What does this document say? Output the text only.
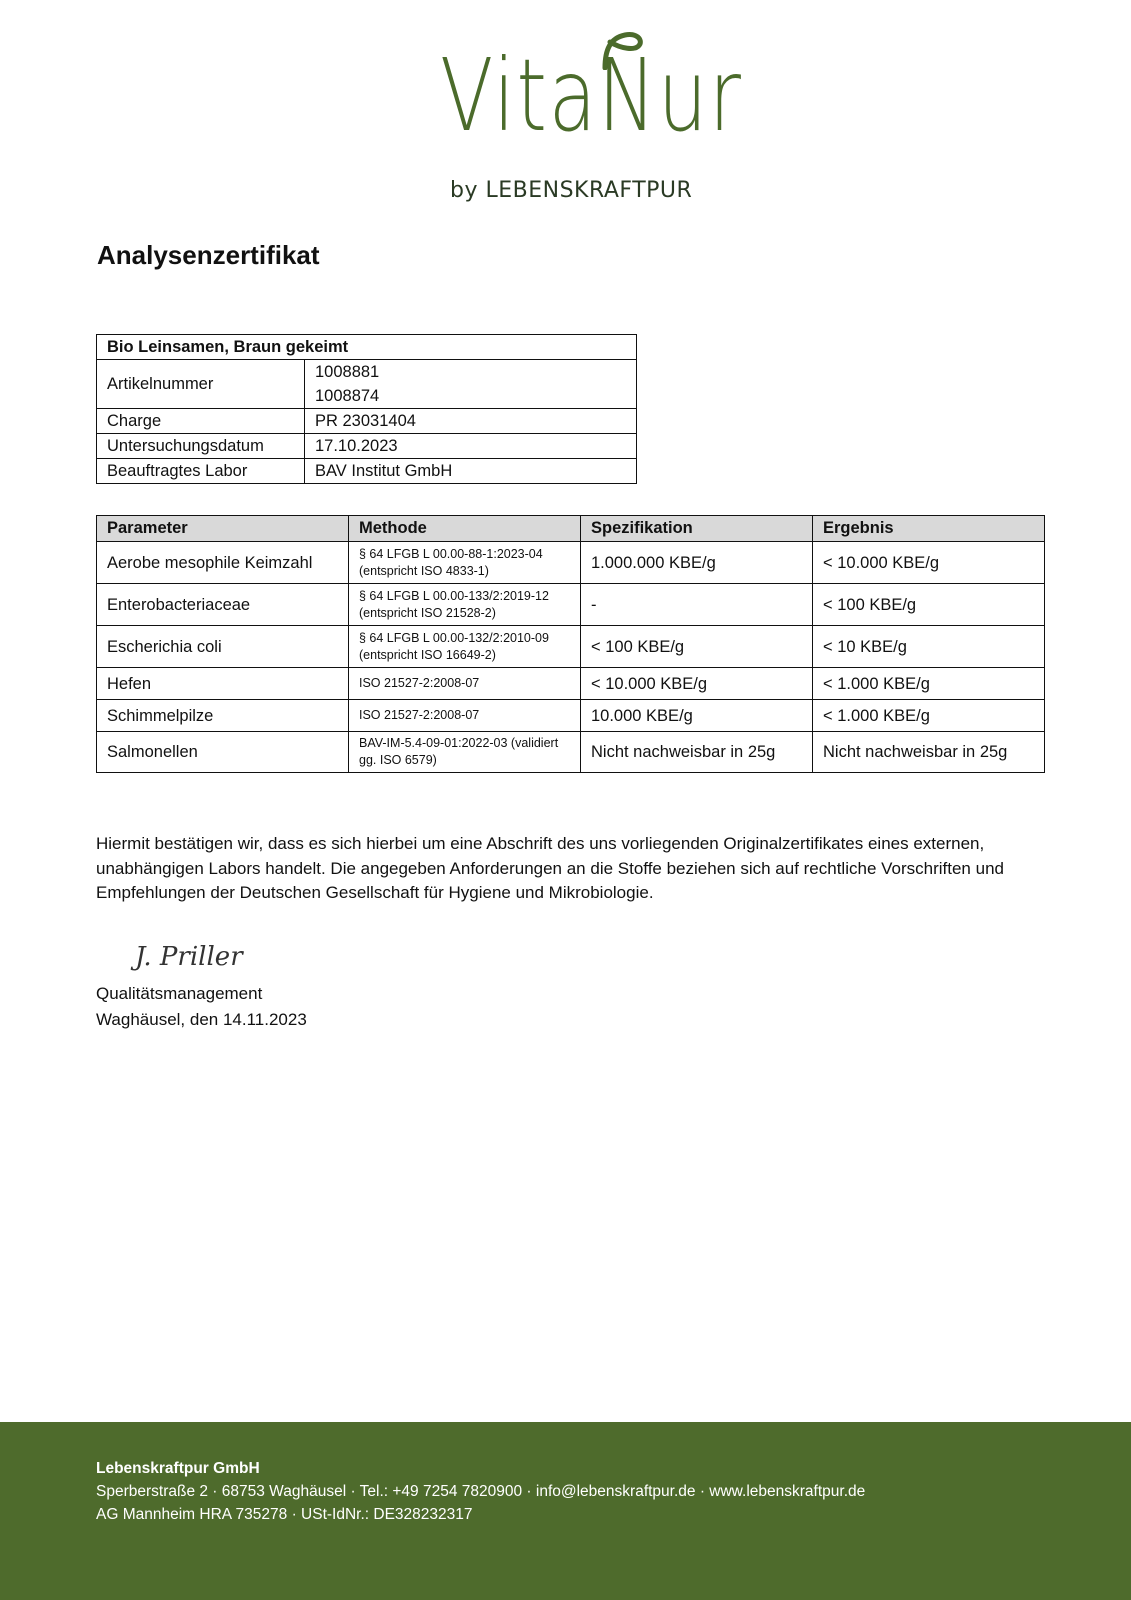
VitaNur
by LEBENSKRAFTPUR
Analysenzertifikat
Bio Leinsamen, Braun gekeimt	
Artikelnummer	1008881
1008874

Charge	PR 23031404
Untersuchungsdatum	17.10.2023
Beauftragtes Labor	BAV Institut GmbH
Parameter	Methode	Spezifikation	Ergebnis
Aerobe mesophile Keimzahl	§ 64 LFGB L 00.00-88-1:2023-04 (entspricht ISO 4833-1)	1.000.000 KBE/g	< 10.000 KBE/g
Enterobacteriaceae	§ 64 LFGB L 00.00-133/2:2019-12 (entspricht ISO 21528-2)	-	< 100 KBE/g
Escherichia coli	§ 64 LFGB L 00.00-132/2:2010-09 (entspricht ISO 16649-2)	< 100 KBE/g	< 10 KBE/g
Hefen	ISO 21527-2:2008-07	< 10.000 KBE/g	< 1.000 KBE/g
Schimmelpilze	ISO 21527-2:2008-07	10.000 KBE/g	< 1.000 KBE/g
Salmonellen	BAV-IM-5.4-09-01:2022-03 (validiert gg. ISO 6579)	Nicht nachweisbar in 25g	Nicht nachweisbar in 25g
Hiermit bestätigen wir, dass es sich hierbei um eine Abschrift des uns vorliegenden Originalzertifikates eines externen, unabhängigen Labors handelt. Die angegeben Anforderungen an die Stoffe beziehen sich auf rechtliche Vorschriften und Empfehlungen der Deutschen Gesellschaft für Hygiene und Mikrobiologie.
J. Priller
Qualitätsmanagement
Waghäusel, den 14.11.2023
Lebenskraftpur GmbH
Sperberstraße 2 · 68753 Waghäusel · Tel.: +49 7254 7820900 · info@lebenskraftpur.de · www.lebenskraftpur.de
AG Mannheim HRA 735278 · USt-IdNr.: DE328232317
